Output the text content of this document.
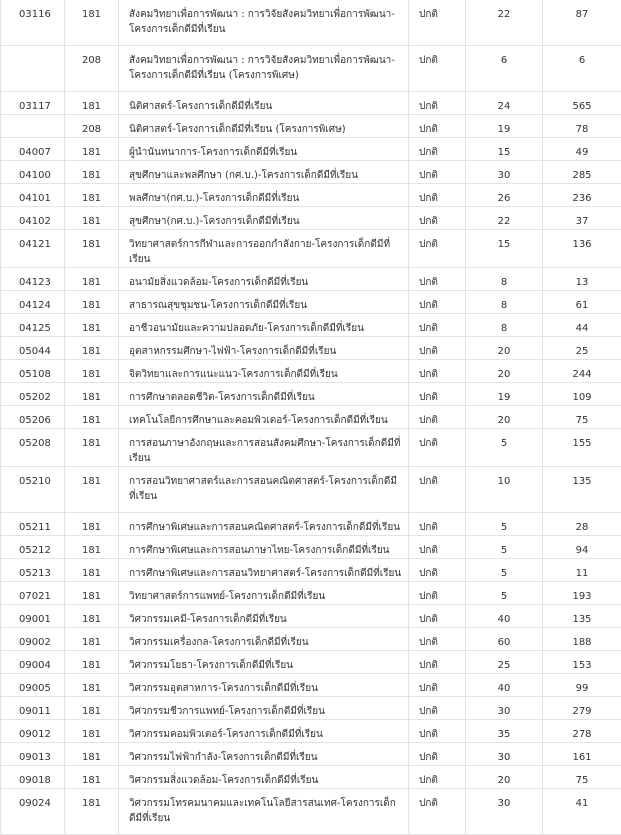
03116	181	สังคมวิทยาเพื่อการพัฒนา : การวิจัยสังคมวิทยาเพื่อการพัฒนา-โครงการเด็กดีมีที่เรียน	ปกติ	22	87
	208	สังคมวิทยาเพื่อการพัฒนา : การวิจัยสังคมวิทยาเพื่อการพัฒนา-โครงการเด็กดีมีที่เรียน (โครงการพิเศษ)	ปกติ	6	6
03117	181	นิติศาสตร์-โครงการเด็กดีมีที่เรียน	ปกติ	24	565
	208	นิติศาสตร์-โครงการเด็กดีมีที่เรียน (โครงการพิเศษ)	ปกติ	19	78
04007	181	ผู้นำนันทนาการ-โครงการเด็กดีมีที่เรียน	ปกติ	15	49
04100	181	สุขศึกษาและพลศึกษา (กศ.บ.)-โครงการเด็กดีมีที่เรียน	ปกติ	30	285
04101	181	พลศึกษา(กศ.บ.)-โครงการเด็กดีมีที่เรียน	ปกติ	26	236
04102	181	สุขศึกษา(กศ.บ.)-โครงการเด็กดีมีที่เรียน	ปกติ	22	37
04121	181	วิทยาศาสตร์การกีฬาและการออกกำลังกาย-โครงการเด็กดีมีที่เรียน	ปกติ	15	136
04123	181	อนามัยสิ่งแวดล้อม-โครงการเด็กดีมีที่เรียน	ปกติ	8	13
04124	181	สาธารณสุขชุมชน-โครงการเด็กดีมีที่เรียน	ปกติ	8	61
04125	181	อาชีวอนามัยและความปลอดภัย-โครงการเด็กดีมีที่เรียน	ปกติ	8	44
05044	181	อุตสาหกรรมศึกษา-ไฟฟ้า-โครงการเด็กดีมีที่เรียน	ปกติ	20	25
05108	181	จิตวิทยาและการแนะแนว-โครงการเด็กดีมีที่เรียน	ปกติ	20	244
05202	181	การศึกษาตลอดชีวิต-โครงการเด็กดีมีที่เรียน	ปกติ	19	109
05206	181	เทคโนโลยีการศึกษาและคอมพิวเตอร์-โครงการเด็กดีมีที่เรียน	ปกติ	20	75
05208	181	การสอนภาษาอังกฤษและการสอนสังคมศึกษา-โครงการเด็กดีมีที่เรียน	ปกติ	5	155
05210	181	การสอนวิทยาศาสตร์และการสอนคณิตศาสตร์-โครงการเด็กดีมีที่เรียน	ปกติ	10	135
05211	181	การศึกษาพิเศษและการสอนคณิตศาสตร์-โครงการเด็กดีมีที่เรียน	ปกติ	5	28
05212	181	การศึกษาพิเศษและการสอนภาษาไทย-โครงการเด็กดีมีที่เรียน	ปกติ	5	94
05213	181	การศึกษาพิเศษและการสอนวิทยาศาสตร์-โครงการเด็กดีมีที่เรียน	ปกติ	5	11
07021	181	วิทยาศาสตร์การแพทย์-โครงการเด็กดีมีที่เรียน	ปกติ	5	193
09001	181	วิศวกรรมเคมี-โครงการเด็กดีมีที่เรียน	ปกติ	40	135
09002	181	วิศวกรรมเครื่องกล-โครงการเด็กดีมีที่เรียน	ปกติ	60	188
09004	181	วิศวกรรมโยธา-โครงการเด็กดีมีที่เรียน	ปกติ	25	153
09005	181	วิศวกรรมอุตสาหการ-โครงการเด็กดีมีที่เรียน	ปกติ	40	99
09011	181	วิศวกรรมชีวการแพทย์-โครงการเด็กดีมีที่เรียน	ปกติ	30	279
09012	181	วิศวกรรมคอมพิวเตอร์-โครงการเด็กดีมีที่เรียน	ปกติ	35	278
09013	181	วิศวกรรมไฟฟ้ากำลัง-โครงการเด็กดีมีที่เรียน	ปกติ	30	161
09018	181	วิศวกรรมสิ่งแวดล้อม-โครงการเด็กดีมีที่เรียน	ปกติ	20	75
09024	181	วิศวกรรมโทรคมนาคมและเทคโนโลยีสารสนเทศ-โครงการเด็กดีมีที่เรียน	ปกติ	30	41
